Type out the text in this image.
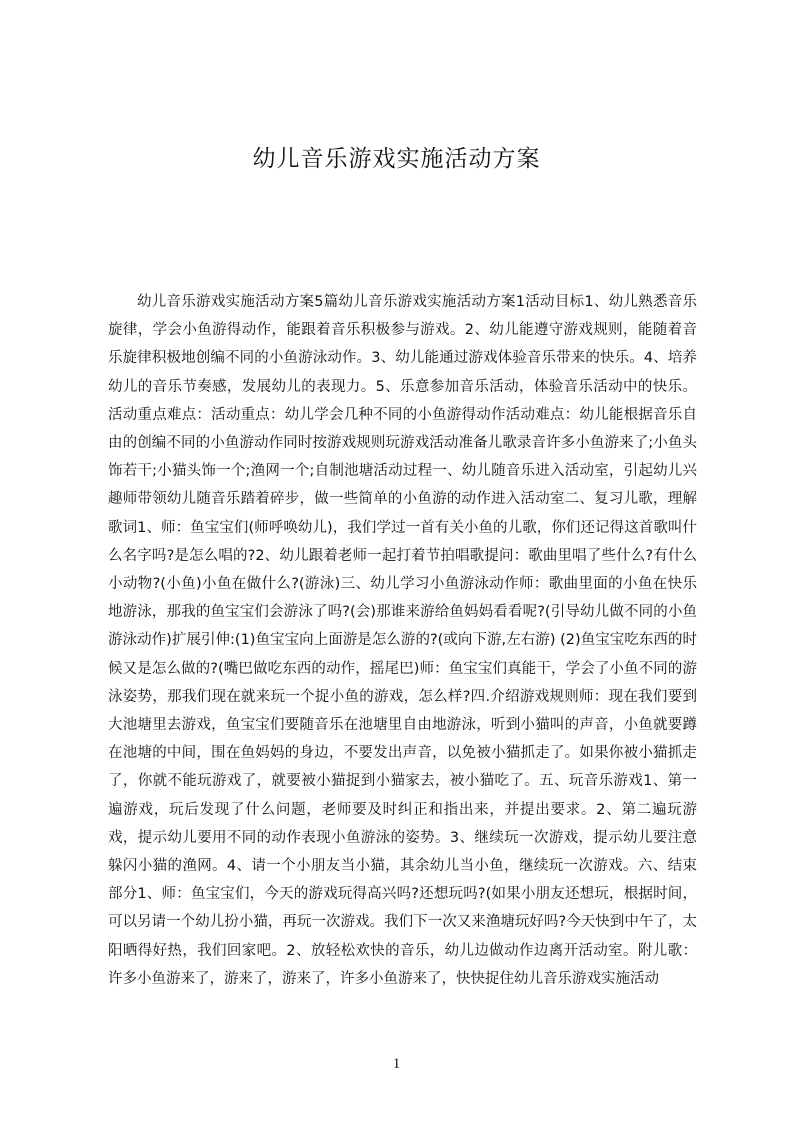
幼儿音乐游戏实施活动方案

幼儿音乐游戏实施活动方案5篇幼儿音乐游戏实施活动方案1活动目标1、幼儿熟悉音乐旋律，学会小鱼游得动作，能跟着音乐积极参与游戏。2、幼儿能遵守游戏规则，能随着音乐旋律积极地创编不同的小鱼游泳动作。3、幼儿能通过游戏体验音乐带来的快乐。4、培养幼儿的音乐节奏感，发展幼儿的表现力。5、乐意参加音乐活动，体验音乐活动中的快乐。活动重点难点：活动重点：幼儿学会几种不同的小鱼游得动作活动难点：幼儿能根据音乐自由的创编不同的小鱼游动作同时按游戏规则玩游戏活动准备儿歌录音许多小鱼游来了;小鱼头饰若干;小猫头饰一个;渔网一个;自制池塘活动过程一、幼儿随音乐进入活动室，引起幼儿兴趣师带领幼儿随音乐踏着碎步，做一些简单的小鱼游的动作进入活动室二、复习儿歌，理解歌词1、师：鱼宝宝们(师呼唤幼儿)，我们学过一首有关小鱼的儿歌，你们还记得这首歌叫什么名字吗?是怎么唱的?2、幼儿跟着老师一起打着节拍唱歌提问：歌曲里唱了些什么?有什么小动物?(小鱼)小鱼在做什么?(游泳)三、幼儿学习小鱼游泳动作师：歌曲里面的小鱼在快乐地游泳，那我的鱼宝宝们会游泳了吗?(会)那谁来游给鱼妈妈看看呢?(引导幼儿做不同的小鱼游泳动作)扩展引伸:(1)鱼宝宝向上面游是怎么游的?(或向下游,左右游) (2)鱼宝宝吃东西的时候又是怎么做的?(嘴巴做吃东西的动作，摇尾巴)师：鱼宝宝们真能干，学会了小鱼不同的游泳姿势，那我们现在就来玩一个捉小鱼的游戏，怎么样?四.介绍游戏规则师：现在我们要到大池塘里去游戏，鱼宝宝们要随音乐在池塘里自由地游泳，听到小猫叫的声音，小鱼就要蹲在池塘的中间，围在鱼妈妈的身边，不要发出声音，以免被小猫抓走了。如果你被小猫抓走了，你就不能玩游戏了，就要被小猫捉到小猫家去，被小猫吃了。五、玩音乐游戏1、第一遍游戏，玩后发现了什么问题，老师要及时纠正和指出来，并提出要求。2、第二遍玩游戏，提示幼儿要用不同的动作表现小鱼游泳的姿势。3、继续玩一次游戏，提示幼儿要注意躲闪小猫的渔网。4、请一个小朋友当小猫，其余幼儿当小鱼，继续玩一次游戏。六、结束部分1、师：鱼宝宝们，今天的游戏玩得高兴吗?还想玩吗?(如果小朋友还想玩，根据时间，可以另请一个幼儿扮小猫，再玩一次游戏。我们下一次又来渔塘玩好吗?今天快到中午了，太阳晒得好热，我们回家吧。2、放轻松欢快的音乐，幼儿边做动作边离开活动室。附儿歌：许多小鱼游来了，游来了，游来了，许多小鱼游来了，快快捉住幼儿音乐游戏实施活动

1
